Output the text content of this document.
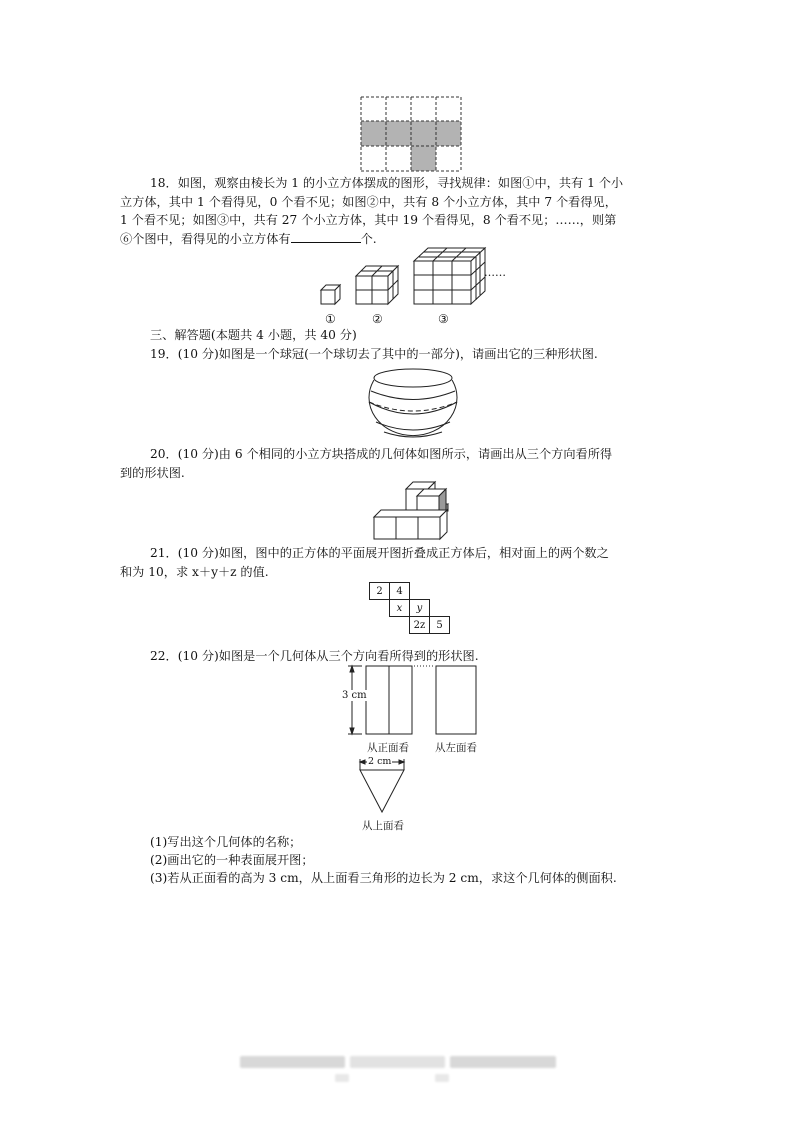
18．如图，观察由棱长为 1 的小立方体摆成的图形，寻找规律：如图①中，共有 1 个小
立方体，其中 1 个看得见，0 个看不见；如图②中，共有 8 个小立方体，其中 7 个看得见，
1 个看不见；如图③中，共有 27 个小立方体，其中 19 个看得见，8 个看不见；……，则第
⑥个图中，看得见的小立方体有	个.
……
①	②	③
三、解答题(本题共 4 小题，共 40 分)
19．(10 分)如图是一个球冠(一个球切去了其中的一部分)，请画出它的三种形状图.
20．(10 分)由 6 个相同的小立方块搭成的几何体如图所示，请画出从三个方向看所得
到的形状图.
21．(10 分)如图，图中的正方体的平面展开图折叠成正方体后，相对面上的两个数之
和为 10，求 x＋y＋z 的值.
2	4
x	y
2z	5
22．(10 分)如图是一个几何体从三个方向看所得到的形状图.
3 cm
从正面看 从左面看
2 cm
从上面看
(1)写出这个几何体的名称；
(2)画出它的一种表面展开图；
(3)若从正面看的高为 3 cm，从上面看三角形的边长为 2 cm，求这个几何体的侧面积.
